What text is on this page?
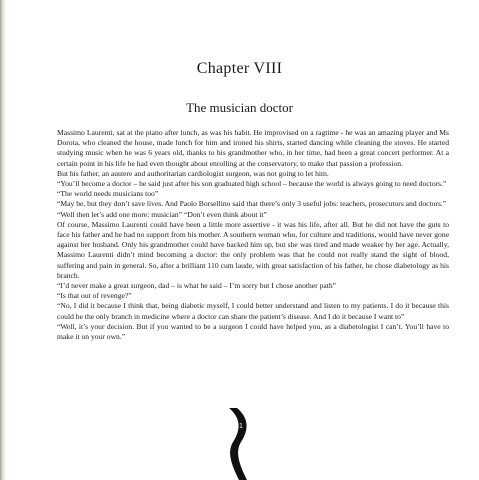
Chapter VIII
The musician doctor

Massimo Laurenti, sat at the piano after lunch, as was his habit. He improvised on a ragtime - he was an amazing player and Ms Dorota, who cleaned the house, made lunch for him and ironed his shirts, started dancing while cleaning the stoves. He started studying music when he was 6 years old, thanks to his grandmother who, in her time, had been a great concert performer. At a certain point in his life he had even thought about enrolling at the conservatory, to make that passion a profession.

But his father, an austere and authoritarian cardiologist surgeon, was not going to let him.

“You’ll become a doctor – he said just after his son graduated high school – because the world is always going to need doctors.”

“The world needs musicians too”

“May be, but they don’t save lives. And Paolo Borsellino said that there’s only 3 useful jobs: teachers, prosecutors and doctors.”

“Well then let’s add one more: musician” “Don’t even think about it”

Of course, Massimo Laurenti could have been a little more assertive - it was his life, after all. But he did not have the guts to face his father and he had no support from his mother. A southern woman who, for culture and traditions, would have never gone against her husband. Only his grandmother could have backed him up, but she was tired and made weaker by her age. Actually, Massimo Laurenti didn’t mind becoming a doctor: the only problem was that he could not really stand the sight of blood, suffering and pain in general. So, after a brilliant 110 cum laude, with great satisfaction of his father, he chose diabetology as his branch.

“I’d never make a great surgeon, dad – is what he said – I’m sorry but I chose another path”

“Is that out of revenge?”

“No, I did it because I think that, being diabetic myself, I could better understand and listen to my patients. I do it because this could be the only branch in medicine where a doctor can share the patient’s disease. And I do it because I want to”

“Well, it’s your decision. But if you wanted to be a surgeon I could have helped you, as a diabetologist I can’t. You’ll have to make it on your own.”

131
